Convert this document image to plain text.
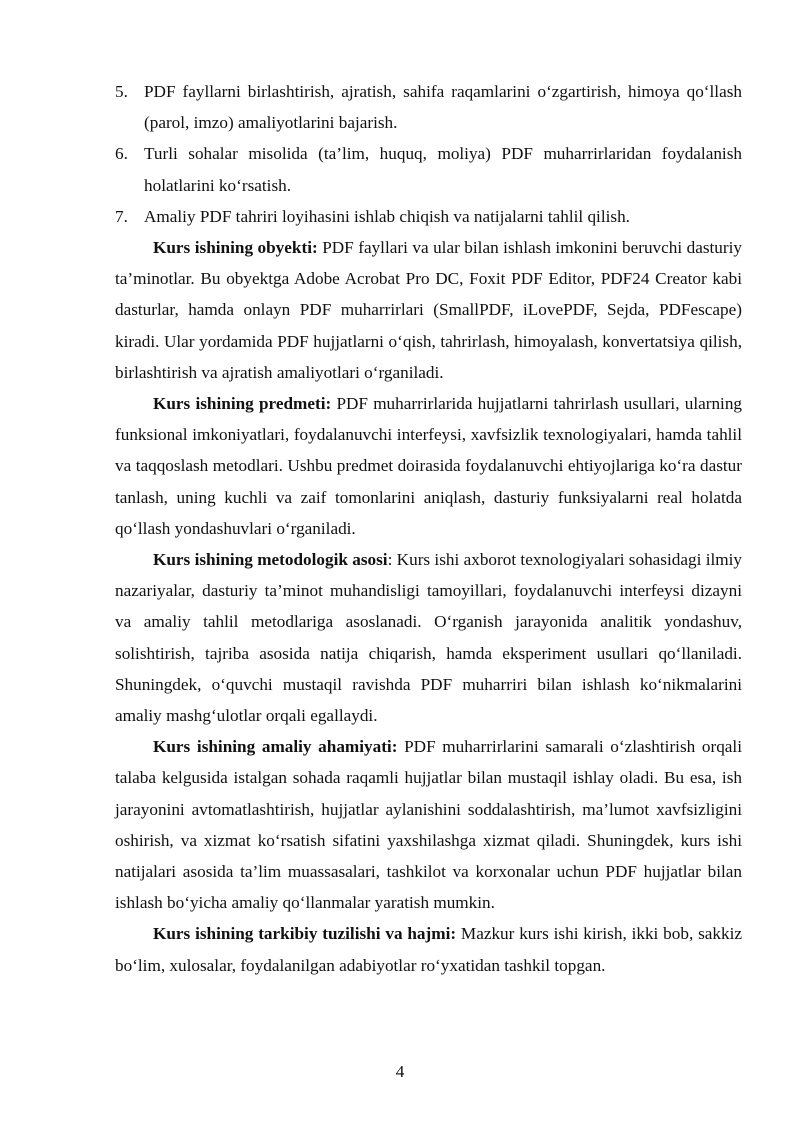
5. PDF fayllarni birlashtirish, ajratish, sahifa raqamlarini o‘zgartirish, himoya qo‘llash (parol, imzo) amaliyotlarini bajarish.
6. Turli sohalar misolida (ta’lim, huquq, moliya) PDF muharrirlaridan foydalanish holatlarini ko‘rsatish.
7. Amaliy PDF tahriri loyihasini ishlab chiqish va natijalarni tahlil qilish.

Kurs ishining obyekti: PDF fayllari va ular bilan ishlash imkonini beruvchi dasturiy ta’minotlar. Bu obyektga Adobe Acrobat Pro DC, Foxit PDF Editor, PDF24 Creator kabi dasturlar, hamda onlayn PDF muharrirlari (SmallPDF, iLovePDF, Sejda, PDFescape) kiradi. Ular yordamida PDF hujjatlarni o‘qish, tahrirlash, himoyalash, konvertatsiya qilish, birlashtirish va ajratish amaliyotlari o‘rganiladi.

Kurs ishining predmeti: PDF muharrirlarida hujjatlarni tahrirlash usullari, ularning funksional imkoniyatlari, foydalanuvchi interfeysi, xavfsizlik texnologiyalari, hamda tahlil va taqqoslash metodlari. Ushbu predmet doirasida foydalanuvchi ehtiyojlariga ko‘ra dastur tanlash, uning kuchli va zaif tomonlarini aniqlash, dasturiy funksiyalarni real holatda qo‘llash yondashuvlari o‘rganiladi.

Kurs ishining metodologik asosi: Kurs ishi axborot texnologiyalari sohasidagi ilmiy nazariyalar, dasturiy ta’minot muhandisligi tamoyillari, foydalanuvchi interfeysi dizayni va amaliy tahlil metodlariga asoslanadi. O‘rganish jarayonida analitik yondashuv, solishtirish, tajriba asosida natija chiqarish, hamda eksperiment usullari qo‘llaniladi. Shuningdek, o‘quvchi mustaqil ravishda PDF muharriri bilan ishlash ko‘nikmalarini amaliy mashg‘ulotlar orqali egallaydi.

Kurs ishining amaliy ahamiyati: PDF muharrirlarini samarali o‘zlashtirish orqali talaba kelgusida istalgan sohada raqamli hujjatlar bilan mustaqil ishlay oladi. Bu esa, ish jarayonini avtomatlashtirish, hujjatlar aylanishini soddalashtirish, ma’lumot xavfsizligini oshirish, va xizmat ko‘rsatish sifatini yaxshilashga xizmat qiladi. Shuningdek, kurs ishi natijalari asosida ta’lim muassasalari, tashkilot va korxonalar uchun PDF hujjatlar bilan ishlash bo‘yicha amaliy qo‘llanmalar yaratish mumkin.

Kurs ishining tarkibiy tuzilishi va hajmi: Mazkur kurs ishi kirish, ikki bob, sakkiz bo‘lim, xulosalar, foydalanilgan adabiyotlar ro‘yxatidan tashkil topgan.

4
